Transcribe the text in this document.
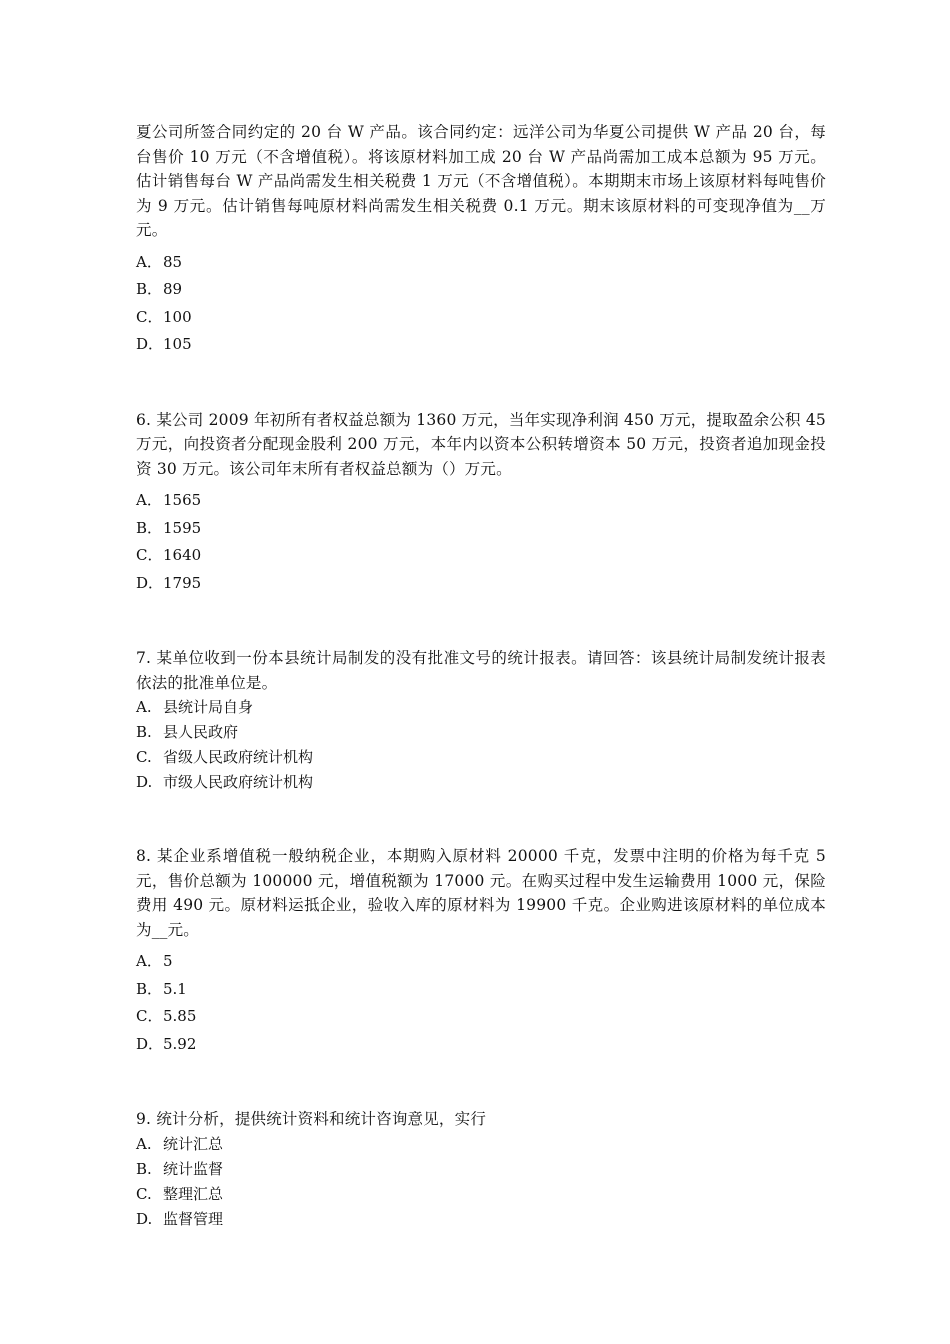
夏公司所签合同约定的 20 台 W 产品。该合同约定：远洋公司为华夏公司提供 W 产品 20 台，每台售价 10 万元（不含增值税）。将该原材料加工成 20 台 W 产品尚需加工成本总额为 95 万元。估计销售每台 W 产品尚需发生相关税费 1 万元（不含增值税）。本期期末市场上该原材料每吨售价为 9 万元。估计销售每吨原材料尚需发生相关税费 0.1 万元。期末该原材料的可变现净值为__万元。

A．85
B．89
C．100
D．105

6. 某公司 2009 年初所有者权益总额为 1360 万元，当年实现净利润 450 万元，提取盈余公积 45 万元，向投资者分配现金股利 200 万元，本年内以资本公积转增资本 50 万元，投资者追加现金投资 30 万元。该公司年末所有者权益总额为（）万元。

A．1565
B．1595
C．1640
D．1795

7. 某单位收到一份本县统计局制发的没有批准文号的统计报表。请回答：该县统计局制发统计报表依法的批准单位是。

A. 县统计局自身
B. 县人民政府
C. 省级人民政府统计机构
D. 市级人民政府统计机构

8. 某企业系增值税一般纳税企业，本期购入原材料 20000 千克，发票中注明的价格为每千克 5 元，售价总额为 100000 元，增值税额为 17000 元。在购买过程中发生运输费用 1000 元，保险费用 490 元。原材料运抵企业，验收入库的原材料为 19900 千克。企业购进该原材料的单位成本为__元。

A．5
B．5.1
C．5.85
D．5.92

9. 统计分析，提供统计资料和统计咨询意见，实行

A. 统计汇总
B. 统计监督
C. 整理汇总
D. 监督管理
